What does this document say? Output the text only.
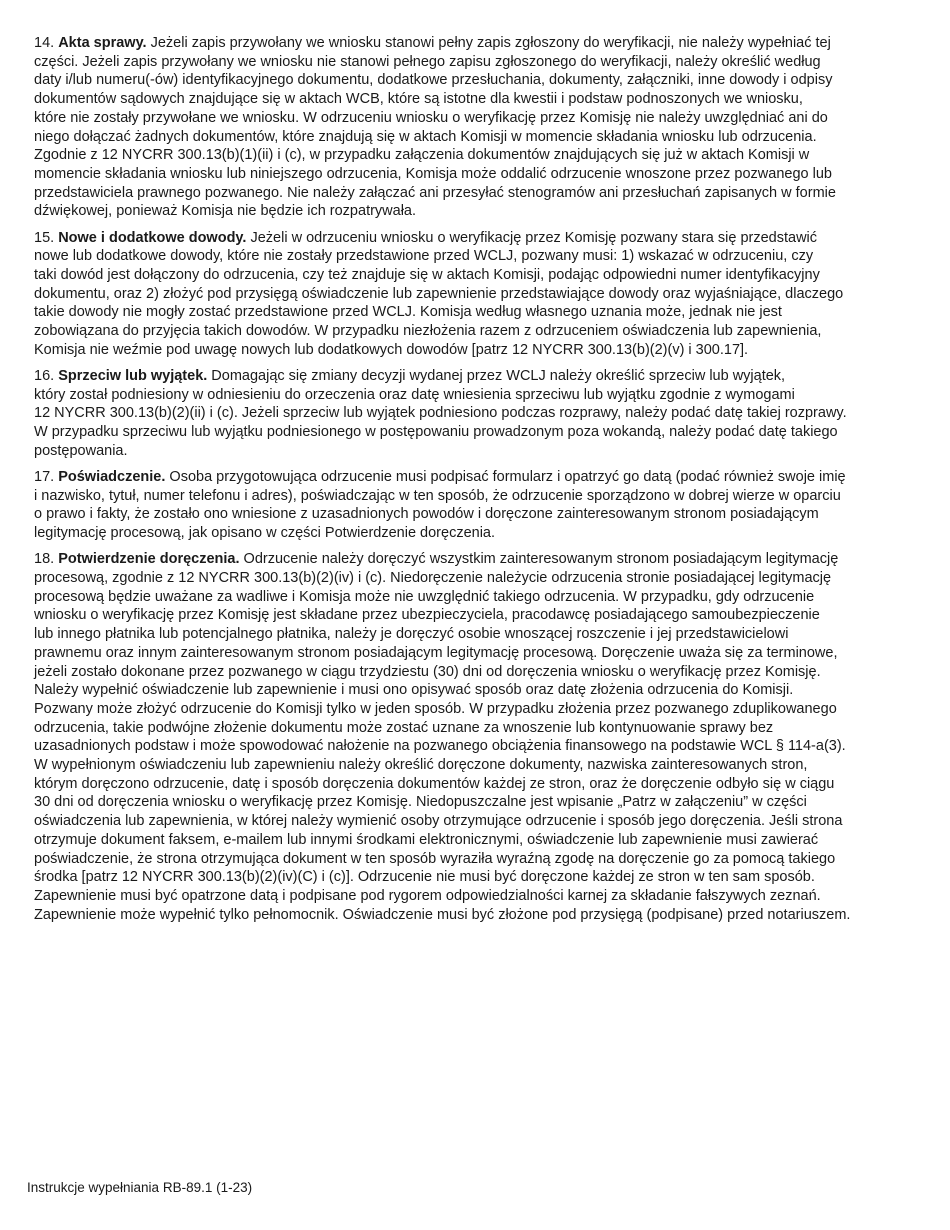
14. Akta sprawy. Jeżeli zapis przywołany we wniosku stanowi pełny zapis zgłoszony do weryfikacji, nie należy wypełniać tej
części. Jeżeli zapis przywołany we wniosku nie stanowi pełnego zapisu zgłoszonego do weryfikacji, należy określić według
daty i/lub numeru(-ów) identyfikacyjnego dokumentu, dodatkowe przesłuchania, dokumenty, załączniki, inne dowody i odpisy
dokumentów sądowych znajdujące się w aktach WCB, które są istotne dla kwestii i podstaw podnoszonych we wniosku,
które nie zostały przywołane we wniosku. W odrzuceniu wniosku o weryfikację przez Komisję nie należy uwzględniać ani do
niego dołączać żadnych dokumentów, które znajdują się w aktach Komisji w momencie składania wniosku lub odrzucenia.
Zgodnie z 12 NYCRR 300.13(b)(1)(ii) i (c), w przypadku załączenia dokumentów znajdujących się już w aktach Komisji w
momencie składania wniosku lub niniejszego odrzucenia, Komisja może oddalić odrzucenie wnoszone przez pozwanego lub
przedstawiciela prawnego pozwanego. Nie należy załączać ani przesyłać stenogramów ani przesłuchań zapisanych w formie
dźwiękowej, ponieważ Komisja nie będzie ich rozpatrywała.
15. Nowe i dodatkowe dowody. Jeżeli w odrzuceniu wniosku o weryfikację przez Komisję pozwany stara się przedstawić
nowe lub dodatkowe dowody, które nie zostały przedstawione przed WCLJ, pozwany musi: 1) wskazać w odrzuceniu, czy
taki dowód jest dołączony do odrzucenia, czy też znajduje się w aktach Komisji, podając odpowiedni numer identyfikacyjny
dokumentu, oraz 2) złożyć pod przysięgą oświadczenie lub zapewnienie przedstawiające dowody oraz wyjaśniające, dlaczego
takie dowody nie mogły zostać przedstawione przed WCLJ. Komisja według własnego uznania może, jednak nie jest
zobowiązana do przyjęcia takich dowodów. W przypadku niezłożenia razem z odrzuceniem oświadczenia lub zapewnienia,
Komisja nie weźmie pod uwagę nowych lub dodatkowych dowodów [patrz 12 NYCRR 300.13(b)(2)(v) i 300.17].
16. Sprzeciw lub wyjątek. Domagając się zmiany decyzji wydanej przez WCLJ należy określić sprzeciw lub wyjątek,
który został podniesiony w odniesieniu do orzeczenia oraz datę wniesienia sprzeciwu lub wyjątku zgodnie z wymogami
12 NYCRR 300.13(b)(2)(ii) i (c). Jeżeli sprzeciw lub wyjątek podniesiono podczas rozprawy, należy podać datę takiej rozprawy.
W przypadku sprzeciwu lub wyjątku podniesionego w postępowaniu prowadzonym poza wokandą, należy podać datę takiego
postępowania.
17. Poświadczenie. Osoba przygotowująca odrzucenie musi podpisać formularz i opatrzyć go datą (podać również swoje imię
i nazwisko, tytuł, numer telefonu i adres), poświadczając w ten sposób, że odrzucenie sporządzono w dobrej wierze w oparciu
o prawo i fakty, że zostało ono wniesione z uzasadnionych powodów i doręczone zainteresowanym stronom posiadającym
legitymację procesową, jak opisano w części Potwierdzenie doręczenia.
18. Potwierdzenie doręczenia. Odrzucenie należy doręczyć wszystkim zainteresowanym stronom posiadającym legitymację
procesową, zgodnie z 12 NYCRR 300.13(b)(2)(iv) i (c). Niedoręczenie należycie odrzucenia stronie posiadającej legitymację
procesową będzie uważane za wadliwe i Komisja może nie uwzględnić takiego odrzucenia. W przypadku, gdy odrzucenie
wniosku o weryfikację przez Komisję jest składane przez ubezpieczyciela, pracodawcę posiadającego samoubezpieczenie
lub innego płatnika lub potencjalnego płatnika, należy je doręczyć osobie wnoszącej roszczenie i jej przedstawicielowi
prawnemu oraz innym zainteresowanym stronom posiadającym legitymację procesową. Doręczenie uważa się za terminowe,
jeżeli zostało dokonane przez pozwanego w ciągu trzydziestu (30) dni od doręczenia wniosku o weryfikację przez Komisję.
Należy wypełnić oświadczenie lub zapewnienie i musi ono opisywać sposób oraz datę złożenia odrzucenia do Komisji.
Pozwany może złożyć odrzucenie do Komisji tylko w jeden sposób. W przypadku złożenia przez pozwanego zduplikowanego
odrzucenia, takie podwójne złożenie dokumentu może zostać uznane za wnoszenie lub kontynuowanie sprawy bez
uzasadnionych podstaw i może spowodować nałożenie na pozwanego obciążenia finansowego na podstawie WCL § 114-a(3).
W wypełnionym oświadczeniu lub zapewnieniu należy określić doręczone dokumenty, nazwiska zainteresowanych stron,
którym doręczono odrzucenie, datę i sposób doręczenia dokumentów każdej ze stron, oraz że doręczenie odbyło się w ciągu
30 dni od doręczenia wniosku o weryfikację przez Komisję. Niedopuszczalne jest wpisanie „Patrz w załączeniu” w części
oświadczenia lub zapewnienia, w której należy wymienić osoby otrzymujące odrzucenie i sposób jego doręczenia. Jeśli strona
otrzymuje dokument faksem, e-mailem lub innymi środkami elektronicznymi, oświadczenie lub zapewnienie musi zawierać
poświadczenie, że strona otrzymująca dokument w ten sposób wyraziła wyraźną zgodę na doręczenie go za pomocą takiego
środka [patrz 12 NYCRR 300.13(b)(2)(iv)(C) i (c)]. Odrzucenie nie musi być doręczone każdej ze stron w ten sam sposób.
Zapewnienie musi być opatrzone datą i podpisane pod rygorem odpowiedzialności karnej za składanie fałszywych zeznań.
Zapewnienie może wypełnić tylko pełnomocnik. Oświadczenie musi być złożone pod przysięgą (podpisane) przed notariuszem.
Instrukcje wypełniania RB-89.1 (1-23)
